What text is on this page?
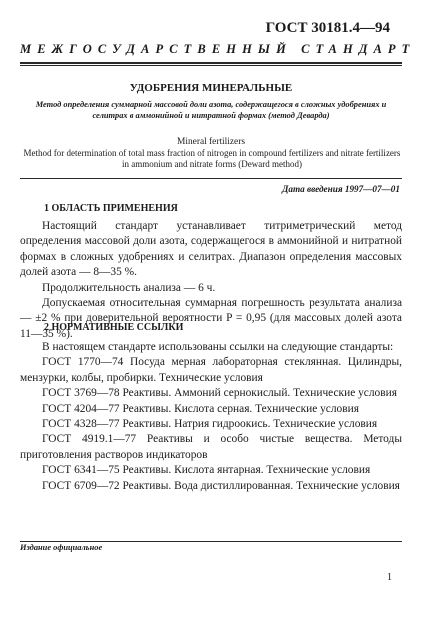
ГОСТ 30181.4—94
МЕЖГОСУДАРСТВЕННЫЙ СТАНДАРТ
УДОБРЕНИЯ МИНЕРАЛЬНЫЕ
Метод определения суммарной массовой доли азота, содержащегося в сложных удобрениях и селитрах в аммонийной и нитратной формах (метод Деварда)
Mineral fertilizers
Method for determination of total mass fraction of nitrogen in compound fertilizers and nitrate fertilizers in ammonium and nitrate forms (Deward method)
Дата введения 1997—07—01
1 ОБЛАСТЬ ПРИМЕНЕНИЯ

Настоящий стандарт устанавливает титриметрический метод определения массовой доли азота, содержащегося в аммонийной и нитратной формах в сложных удобрениях и селитрах. Диапазон определения массовых долей азота — 8—35 %.

Продолжительность анализа — 6 ч.

Допускаемая относительная суммарная погрешность результата анализа — ±2 % при доверительной вероятности P = 0,95 (для массовых долей азота 11—35 %).

2 НОРМАТИВНЫЕ ССЫЛКИ

В настоящем стандарте использованы ссылки на следующие стандарты:

ГОСТ 1770—74 Посуда мерная лабораторная стеклянная. Цилиндры, мензурки, колбы, пробирки. Технические условия

ГОСТ 3769—78 Реактивы. Аммоний сернокислый. Технические условия

ГОСТ 4204—77 Реактивы. Кислота серная. Технические условия

ГОСТ 4328—77 Реактивы. Натрия гидроокись. Технические условия

ГОСТ 4919.1—77 Реактивы и особо чистые вещества. Методы приготовления растворов индикаторов

ГОСТ 6341—75 Реактивы. Кислота янтарная. Технические условия

ГОСТ 6709—72 Реактивы. Вода дистиллированная. Технические условия

Издание официальное
1
